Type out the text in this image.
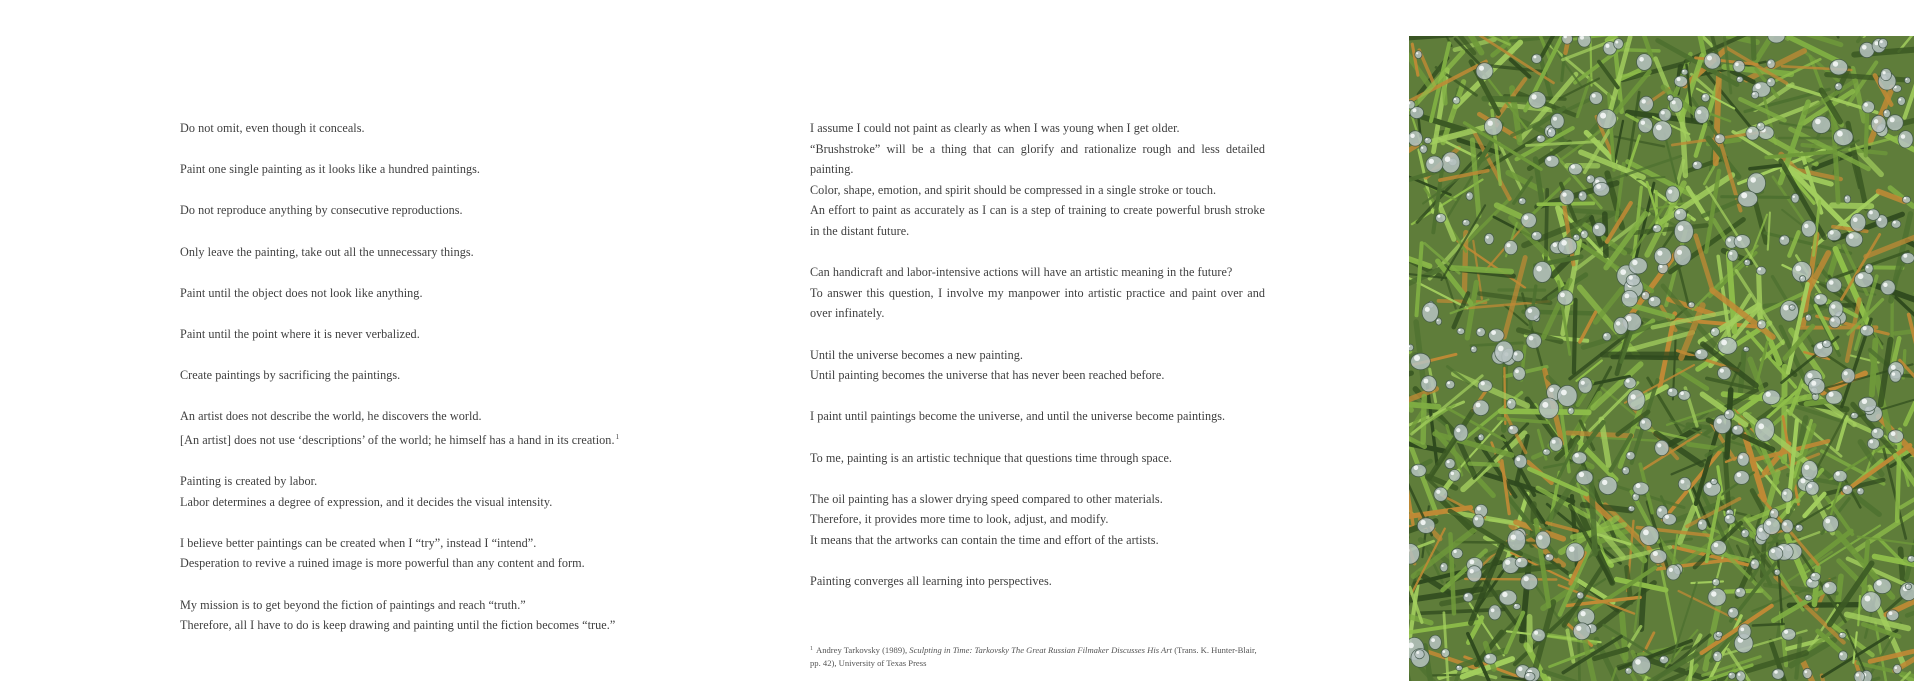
Do not omit, even though it conceals.

Paint one single painting as it looks like a hundred paintings.

Do not reproduce anything by consecutive reproductions.

Only leave the painting, take out all the unnecessary things.

Paint until the object does not look like anything.

Paint until the point where it is never verbalized.

Create paintings by sacrificing the paintings.

An artist does not describe the world, he discovers the world.

[An artist] does not use ‘descriptions’ of the world; he himself has a hand in its creation.$^1$

Painting is created by labor.

Labor determines a degree of expression, and it decides the visual intensity.

I believe better paintings can be created when I “try”, instead I “intend”.

Desperation to revive a ruined image is more powerful than any content and form.

My mission is to get beyond the fiction of paintings and reach “truth.”

Therefore, all I have to do is keep drawing and painting until the fiction becomes “true.”

I assume I could not paint as clearly as when I was young when I get older.

“Brushstroke” will be a thing that can glorify and rationalize rough and less detailed painting.

Color, shape, emotion, and spirit should be compressed in a single stroke or touch.

An effort to paint as accurately as I can is a step of training to create powerful brush stroke in the distant future.

Can handicraft and labor-intensive actions will have an artistic meaning in the future?

To answer this question, I involve my manpower into artistic practice and paint over and over infinately.

Until the universe becomes a new painting.

Until painting becomes the universe that has never been reached before.

I paint until paintings become the universe, and until the universe become paintings.

To me, painting is an artistic technique that questions time through space.

The oil painting has a slower drying speed compared to other materials.

Therefore, it provides more time to look, adjust, and modify.

It means that the artworks can contain the time and effort of the artists.

Painting converges all learning into perspectives.

$^1$ Andrey Tarkovsky (1989), Sculpting in Time: Tarkovsky The Great Russian Filmaker Discusses His Art (Trans. K. Hunter-Blair, pp. 42), University of Texas Press
